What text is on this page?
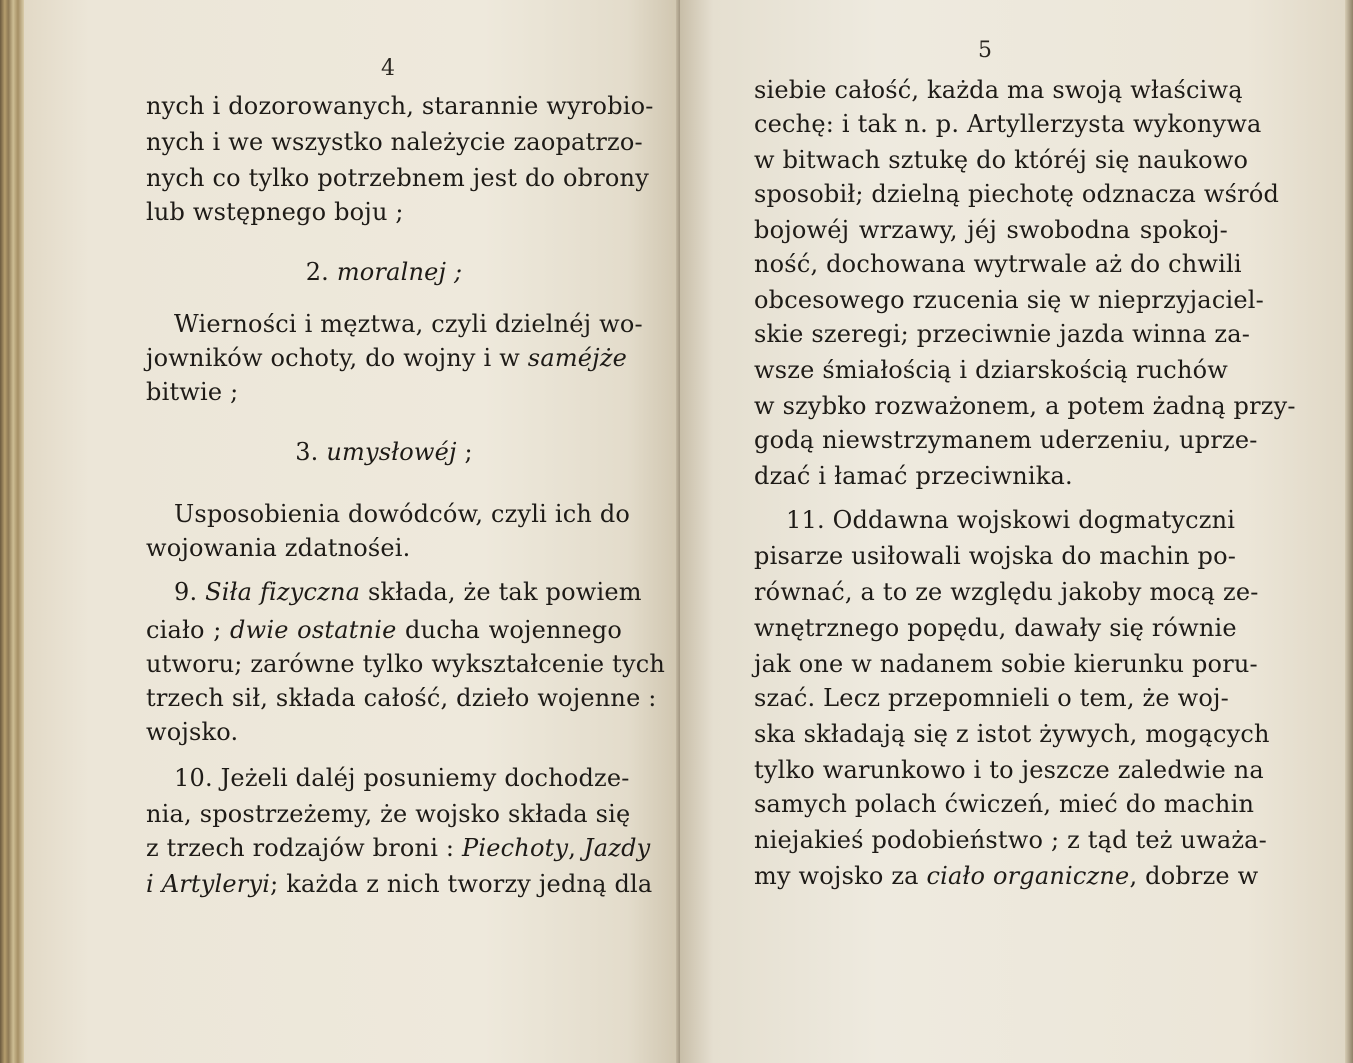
4
nych i dozorowanych, starannie wyrobio-
nych i we wszystko należycie zaopatrzo-
nych co tylko potrzebnem jest do obrony
lub wstępnego boju ;
2. moralnej ;
Wierności i męztwa, czyli dzielnéj wo-
jowników ochoty, do wojny i w saméjże
bitwie ;
3. umysłowéj ;
Usposobienia dowódców, czyli ich do
wojowania zdatnośei.
9. Siła fizyczna składa, że tak powiem
ciało ; dwie ostatnie ducha wojennego
utworu; zarówne tylko wykształcenie tych
trzech sił, składa całość, dzieło wojenne :
wojsko.
10. Jeżeli daléj posuniemy dochodze-
nia, spostrzeżemy, że wojsko składa się
z trzech rodzajów broni : Piechoty, Jazdy
i Artyleryi; każda z nich tworzy jedną dla
5
siebie całość, każda ma swoją właściwą
cechę: i tak n. p. Artyllerzysta wykonywa
w bitwach sztukę do któréj się naukowo
sposobił; dzielną piechotę odznacza wśród
bojowéj wrzawy, jéj swobodna spokoj-
ność, dochowana wytrwale aż do chwili
obcesowego rzucenia się w nieprzyjaciel-
skie szeregi; przeciwnie jazda winna za-
wsze śmiałością i dziarskością ruchów
w szybko rozważonem, a potem żadną przy-
godą niewstrzymanem uderzeniu, uprze-
dzać i łamać przeciwnika.
11. Oddawna wojskowi dogmatyczni
pisarze usiłowali wojska do machin po-
równać, a to ze względu jakoby mocą ze-
wnętrznego popędu, dawały się równie
jak one w nadanem sobie kierunku poru-
szać. Lecz przepomnieli o tem, że woj-
ska składają się z istot żywych, mogących
tylko warunkowo i to jeszcze zaledwie na
samych polach ćwiczeń, mieć do machin
niejakieś podobieństwo ; z tąd też uważa-
my wojsko za ciało organiczne, dobrze w
